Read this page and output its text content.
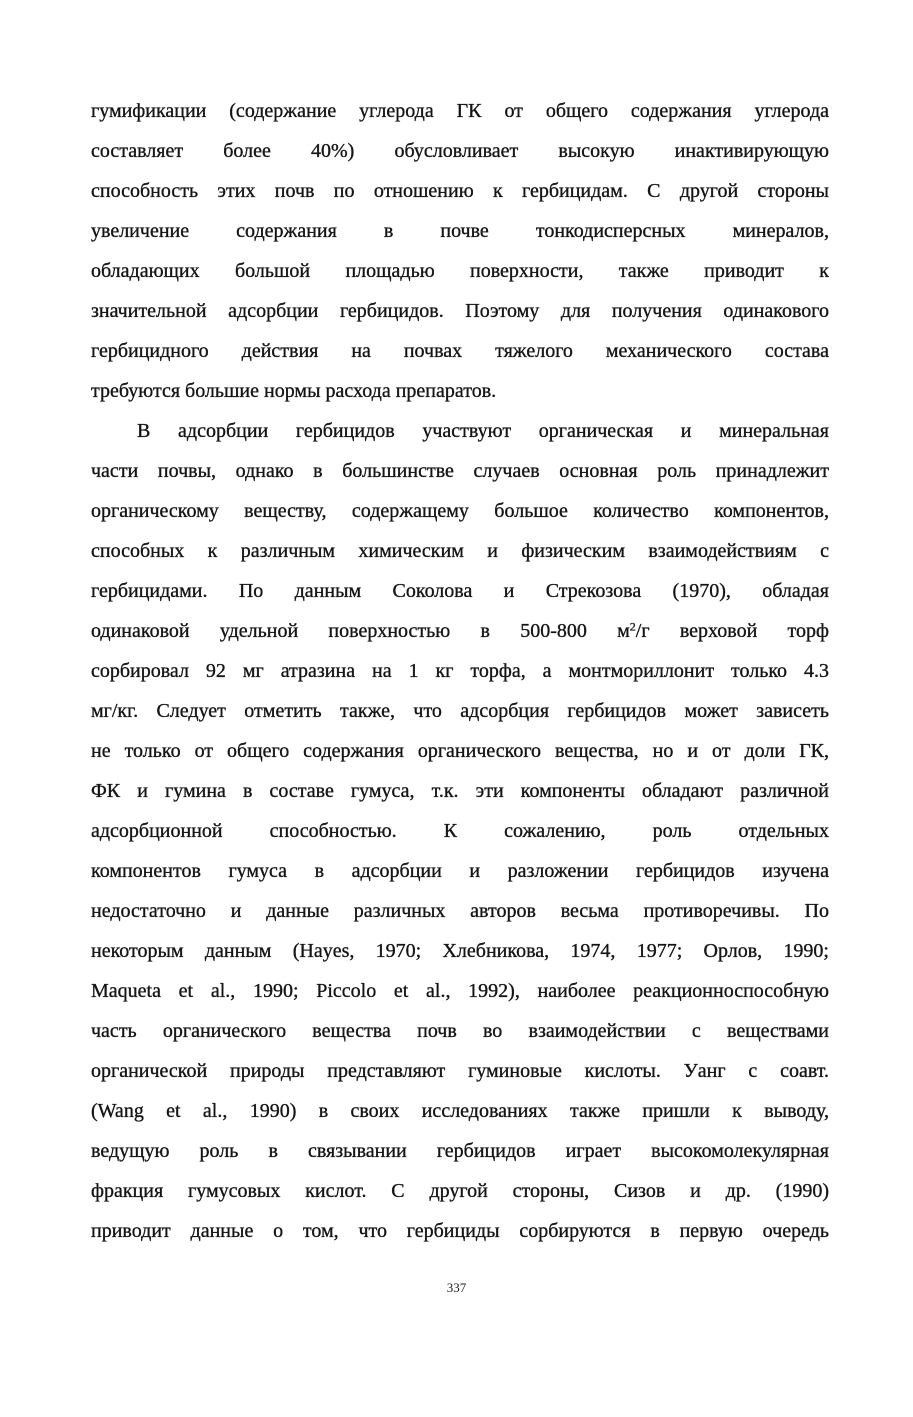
гумификации (содержание углерода ГК от общего содержания углерода
составляет более 40%) обусловливает высокую инактивирующую
способность этих почв по отношению к гербицидам. С другой стороны
увеличение содержания в почве тонкодисперсных минералов,
обладающих большой площадью поверхности, также приводит к
значительной адсорбции гербицидов. Поэтому для получения одинакового
гербицидного действия на почвах тяжелого механического состава
требуются большие нормы расхода препаратов.
В адсорбции гербицидов участвуют органическая и минеральная
части почвы, однако в большинстве случаев основная роль принадлежит
органическому веществу, содержащему большое количество компонентов,
способных к различным химическим и физическим взаимодействиям с
гербицидами. По данным Соколова и Стрекозова (1970), обладая
одинаковой удельной поверхностью в 500-800 $м^2/г$ верховой торф
сорбировал 92 мг атразина на 1 кг торфа, а монтмориллонит только 4.3
мг/кг. Следует отметить также, что адсорбция гербицидов может зависеть
не только от общего содержания органического вещества, но и от доли ГК,
ФК и гумина в составе гумуса, т.к. эти компоненты обладают различной
адсорбционной способностью. К сожалению, роль отдельных
компонентов гумуса в адсорбции и разложении гербицидов изучена
недостаточно и данные различных авторов весьма противоречивы. По
некоторым данным (Hayes, 1970; Хлебникова, 1974, 1977; Орлов, 1990;
Maqueta et al., 1990; Piccolo et al., 1992), наиболее реакционноспособную
часть органического вещества почв во взаимодействии с веществами
органической природы представляют гуминовые кислоты. Уанг с соавт.
(Wang et al., 1990) в своих исследованиях также пришли к выводу,
ведущую роль в связывании гербицидов играет высокомолекулярная
фракция гумусовых кислот. С другой стороны, Сизов и др. (1990)
приводит данные о том, что гербициды сорбируются в первую очередь
337
